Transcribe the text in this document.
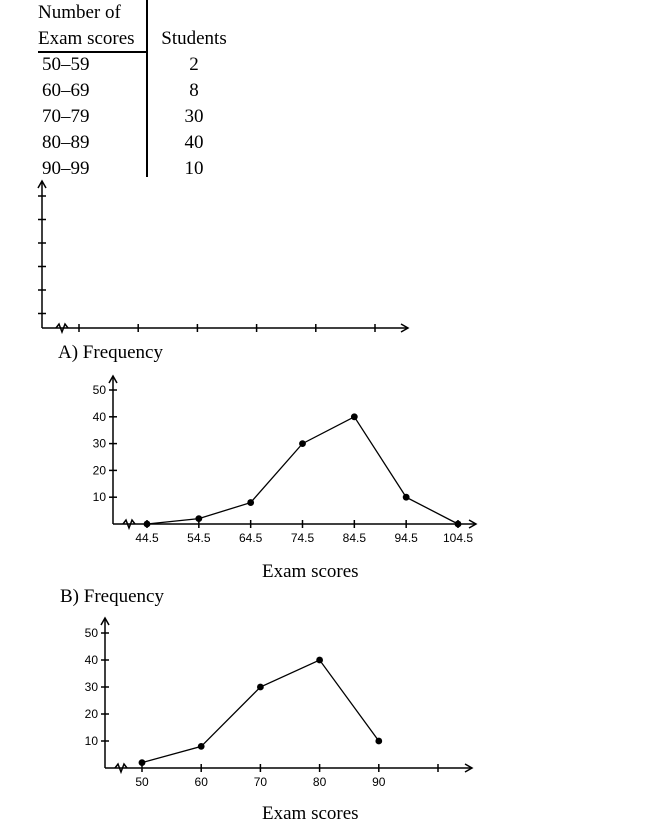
Number of
Exam scores	Students
50–59	2
60–69	8
70–79	30
80–89	40
90–99	10
A) Frequency
Exam scores
B) Frequency
Exam scores
10
20
30
40
50
44.5 54.5 64.5 74.5 84.5 94.5 104.5
10
20
30
40
50
50	60	70	80	90
